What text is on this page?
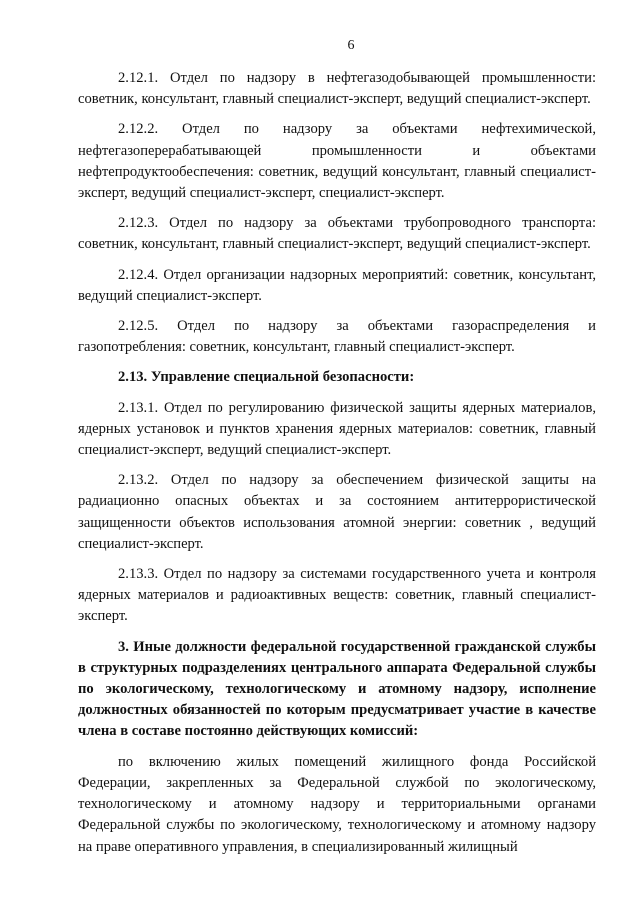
6

2.12.1. Отдел по надзору в нефтегазодобывающей промышленности: советник, консультант, главный специалист-эксперт, ведущий специалист-эксперт.

2.12.2. Отдел по надзору за объектами нефтехимической, нефтегазоперерабатывающей промышленности и объектами нефтепродуктообеспечения: советник, ведущий консультант, главный специалист-эксперт, ведущий специалист-эксперт, специалист-эксперт.

2.12.3. Отдел по надзору за объектами трубопроводного транспорта: советник, консультант, главный специалист-эксперт, ведущий специалист-эксперт.

2.12.4. Отдел организации надзорных мероприятий: советник, консультант, ведущий специалист-эксперт.

2.12.5. Отдел по надзору за объектами газораспределения и газопотребления: советник, консультант, главный специалист-эксперт.

2.13. Управление специальной безопасности:

2.13.1. Отдел по регулированию физической защиты ядерных материалов, ядерных установок и пунктов хранения ядерных материалов: советник, главный специалист-эксперт, ведущий специалист-эксперт.

2.13.2. Отдел по надзору за обеспечением физической защиты на радиационно опасных объектах и за состоянием антитеррористической защищенности объектов использования атомной энергии: советник , ведущий специалист-эксперт.

2.13.3. Отдел по надзору за системами государственного учета и контроля ядерных материалов и радиоактивных веществ: советник, главный специалист-эксперт.

3. Иные должности федеральной государственной гражданской службы в структурных подразделениях центрального аппарата Федеральной службы по экологическому, технологическому и атомному надзору, исполнение должностных обязанностей по которым предусматривает участие в качестве члена в составе постоянно действующих комиссий:

по включению жилых помещений жилищного фонда Российской Федерации, закрепленных за Федеральной службой по экологическому, технологическому и атомному надзору и территориальными органами Федеральной службы по экологическому, технологическому и атомному надзору на праве оперативного управления, в специализированный жилищный
